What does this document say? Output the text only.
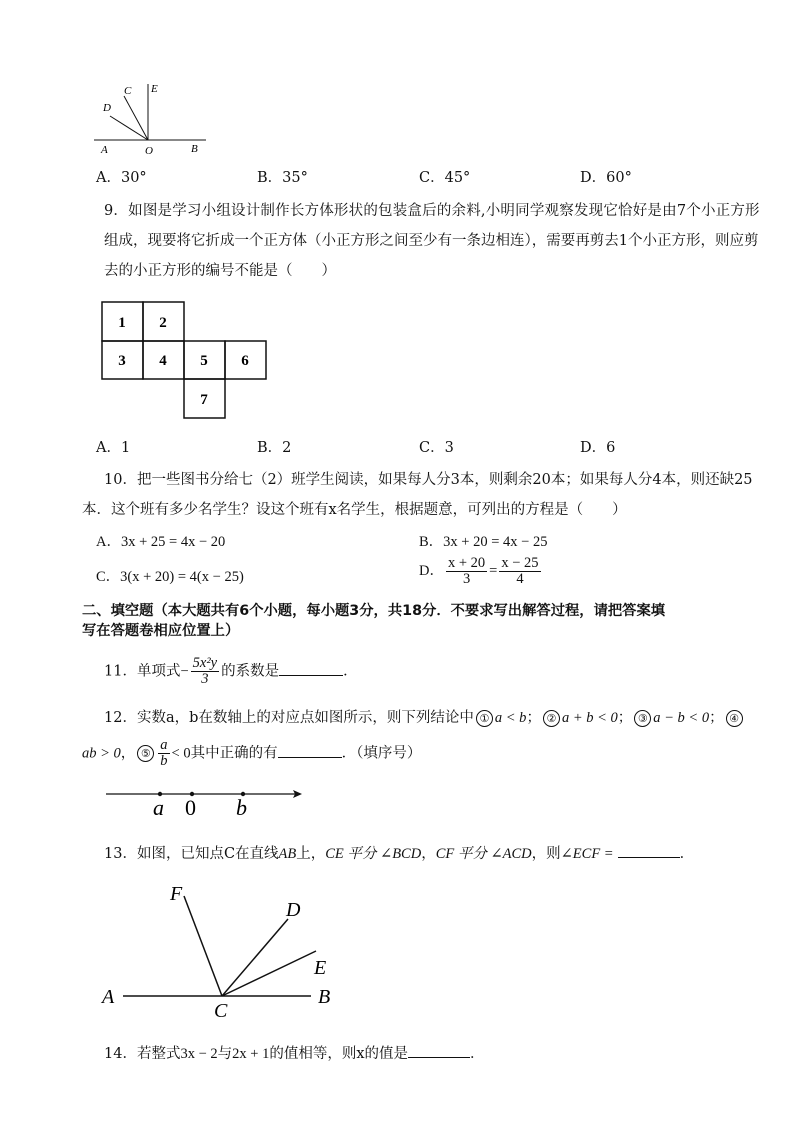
C E
D
A	O	B
A．30°	B．35°	C．45°	D．60°
9．如图是学习小组设计制作长方体形状的包装盒后的余料,小明同学观察发现它恰好是由7个小正方形
组成，现要将它折成一个正方体（小正方形之间至少有一条边相连），需要再剪去1个小正方形，则应剪
去的小正方形的编号不能是（　　）
1 2
3 4 5 6
7
A．1	B．2	C．3	D．6
10．把一些图书分给七（2）班学生阅读，如果每人分3本，则剩余20本；如果每人分4本，则还缺25
本．这个班有多少名学生？设这个班有x名学生，根据题意，可列出的方程是（　　）
A．3x + 25 = 4x − 20	B．3x + 20 = 4x − 25
C．3(x + 20) = 4(x − 25)	D． $\frac{x + 20}{3} = \frac{x - 25}{4}$
二、填空题（本大题共有6个小题，每小题3分，共18分．不要求写出解答过程，请把答案填
写在答题卷相应位置上）
11．单项式− $\frac{\text{5x²y}}{3}$ 的系数是	．
12．实数a，b在数轴上的对应点如图所示，则下列结论中 ① a < b； ② a + b < 0； ③ a − b < 0； ④
ab > 0， ⑤ $\frac{a}{b} < 0$其中正确的有	．（填序号）
a 0 b
13．如图，已知点C在直线AB上，CE 平分 ∠BCD，CF 平分 ∠ACD，则∠ECF =	．
F
D
E
A
C
B
14．若整式3x − 2与2x + 1的值相等，则x的值是	．
